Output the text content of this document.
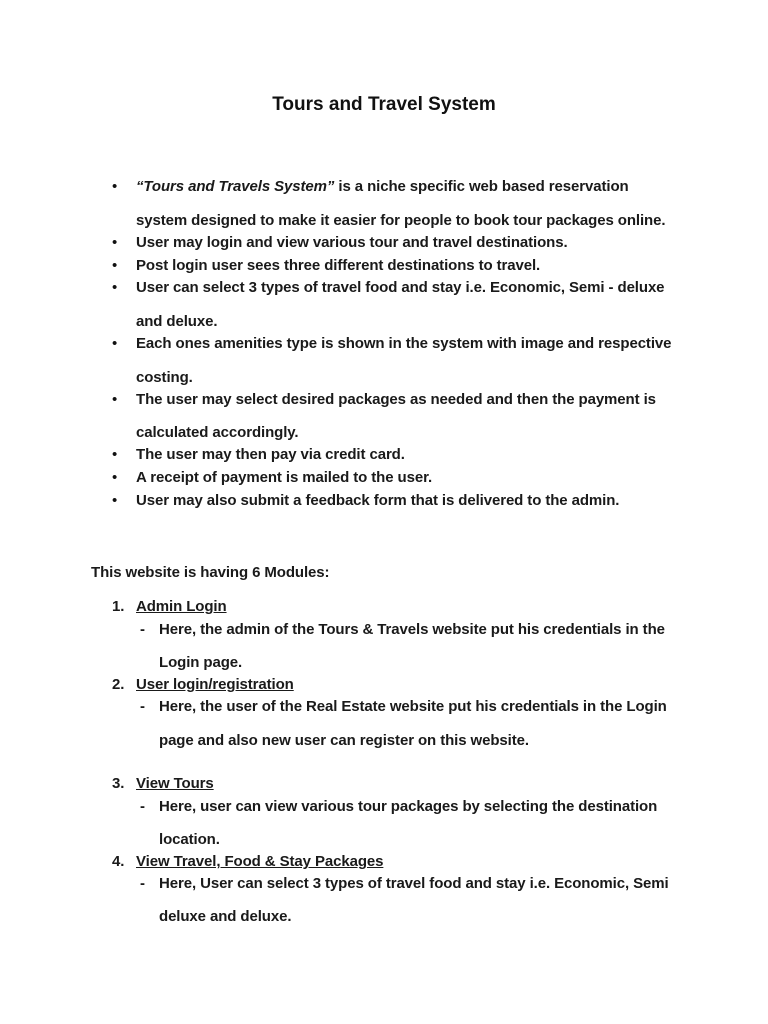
Tours and Travel System
• “Tours and Travels System” is a niche specific web based reservation
system designed to make it easier for people to book tour packages online.
• User may login and view various tour and travel destinations.
• Post login user sees three different destinations to travel.
• User can select 3 types of travel food and stay i.e. Economic, Semi - deluxe
and deluxe.
• Each ones amenities type is shown in the system with image and respective
costing.
• The user may select desired packages as needed and then the payment is
calculated accordingly.
• The user may then pay via credit card.
• A receipt of payment is mailed to the user.
• User may also submit a feedback form that is delivered to the admin.
This website is having 6 Modules:
1. Admin Login
- Here, the admin of the Tours & Travels website put his credentials in the
Login page.
2. User login/registration
- Here, the user of the Real Estate website put his credentials in the Login
page and also new user can register on this website.
3. View Tours
- Here, user can view various tour packages by selecting the destination
location.
4. View Travel, Food & Stay Packages
- Here, User can select 3 types of travel food and stay i.e. Economic, Semi
deluxe and deluxe.
